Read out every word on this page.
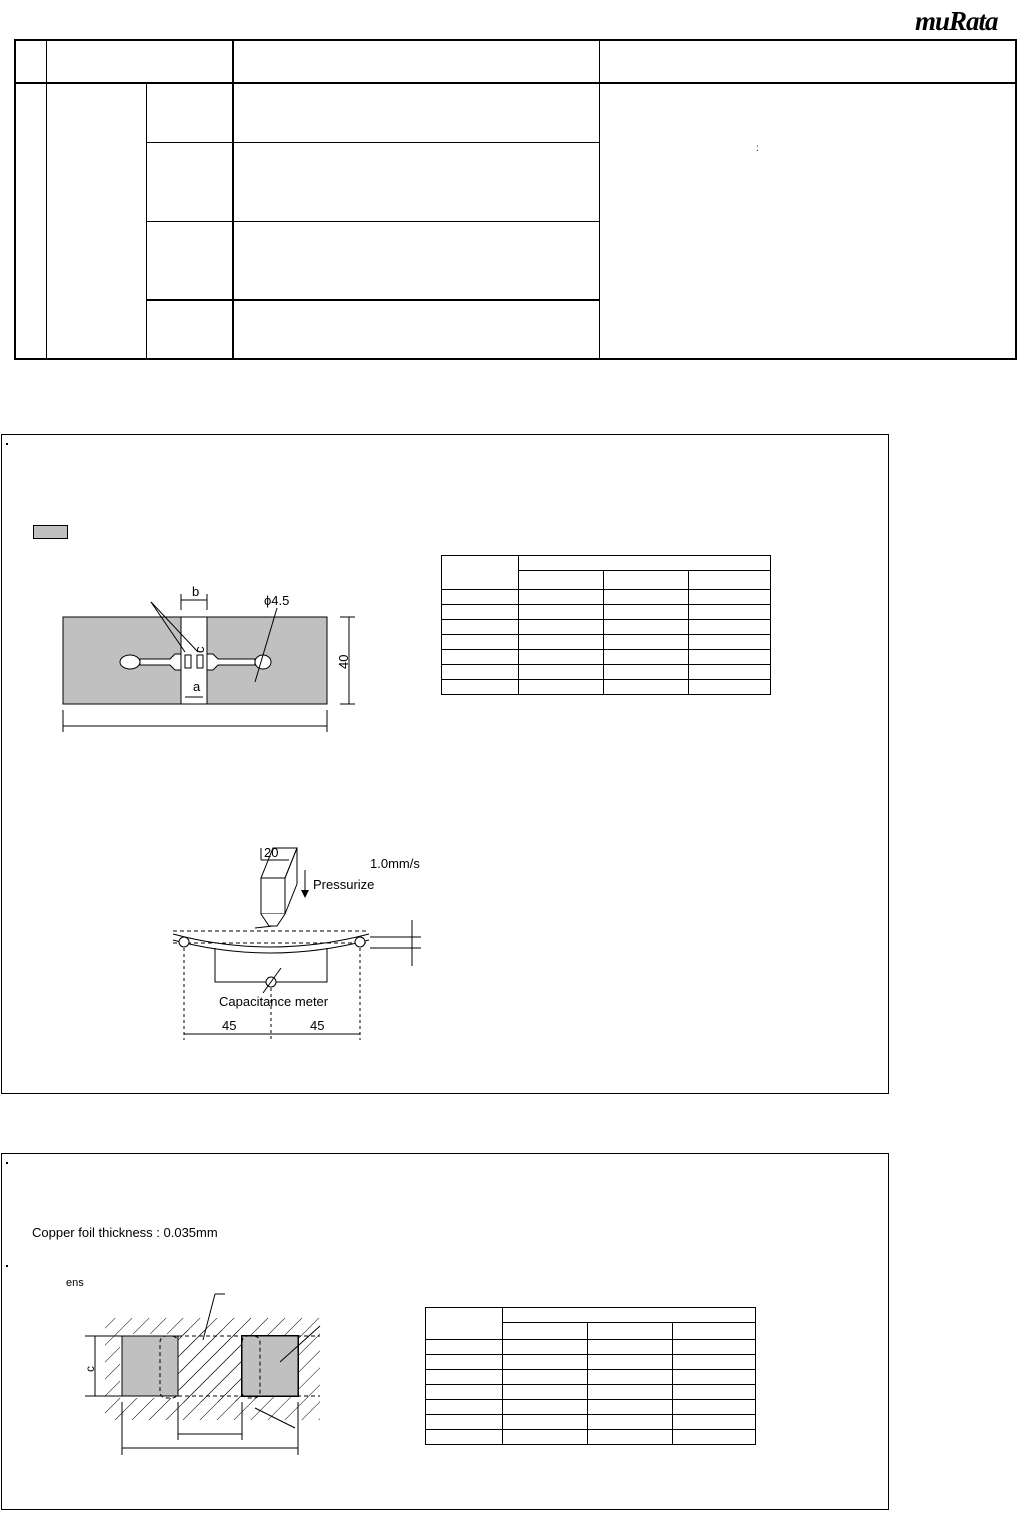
muRata
:
b
ϕ4.5
c
a
40

20
1.0mm/s
Pressurize
Capacitance meter
45	45
Copper foil thickness : 0.035mm
ens
c
